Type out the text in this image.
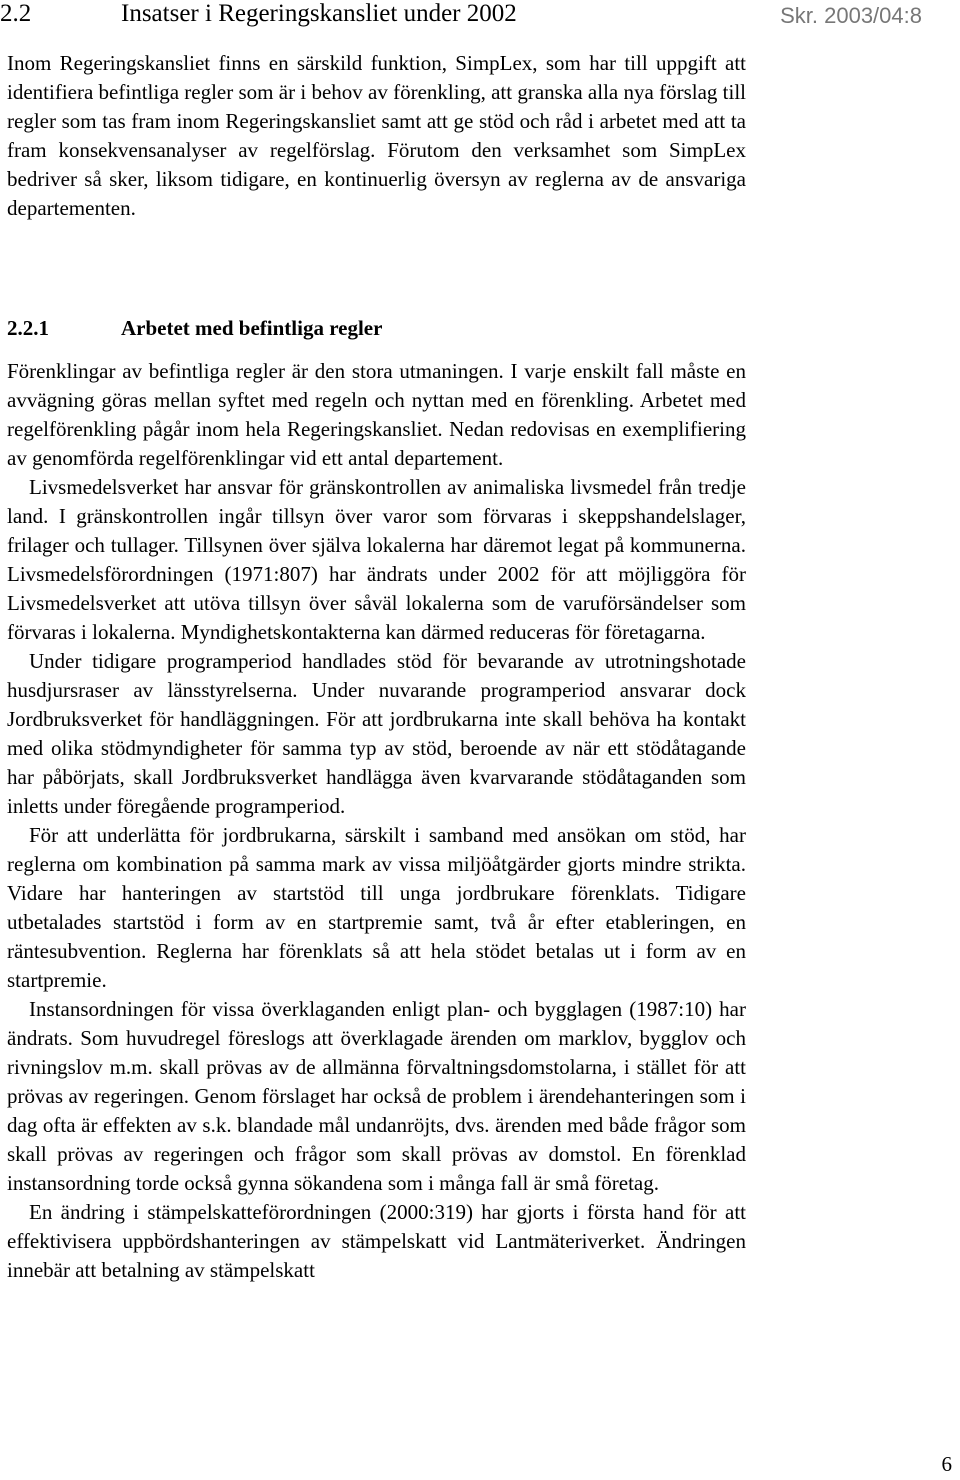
2.2	Insatser i Regeringskansliet under 2002	Skr. 2003/04:8

Inom Regeringskansliet finns en särskild funktion, SimpLex, som har till uppgift att identifiera befintliga regler som är i behov av förenkling, att granska alla nya förslag till regler som tas fram inom Regeringskansliet samt att ge stöd och råd i arbetet med att ta fram konsekvensanalyser av regelförslag. Förutom den verksamhet som SimpLex bedriver så sker, liksom tidigare, en kontinuerlig översyn av reglerna av de ansvariga departementen.

2.2.1	Arbetet med befintliga regler

Förenklingar av befintliga regler är den stora utmaningen. I varje enskilt fall måste en avvägning göras mellan syftet med regeln och nyttan med en förenkling. Arbetet med regelförenkling pågår inom hela Regeringskansliet. Nedan redovisas en exemplifiering av genomförda regelförenklingar vid ett antal departement.

Livsmedelsverket har ansvar för gränskontrollen av animaliska livsmedel från tredje land. I gränskontrollen ingår tillsyn över varor som förvaras i skeppshandelslager, frilager och tullager. Tillsynen över själva lokalerna har däremot legat på kommunerna. Livsmedelsförordningen (1971:807) har ändrats under 2002 för att möjliggöra för Livsmedelsverket att utöva tillsyn över såväl lokalerna som de varuförsändelser som förvaras i lokalerna. Myndighetskontakterna kan därmed reduceras för företagarna.

Under tidigare programperiod handlades stöd för bevarande av utrotningshotade husdjursraser av länsstyrelserna. Under nuvarande programperiod ansvarar dock Jordbruksverket för handläggningen. För att jordbrukarna inte skall behöva ha kontakt med olika stödmyndigheter för samma typ av stöd, beroende av när ett stödåtagande har påbörjats, skall Jordbruksverket handlägga även kvarvarande stödåtaganden som inletts under föregående programperiod.

För att underlätta för jordbrukarna, särskilt i samband med ansökan om stöd, har reglerna om kombination på samma mark av vissa miljöåtgärder gjorts mindre strikta. Vidare har hanteringen av startstöd till unga jordbrukare förenklats. Tidigare utbetalades startstöd i form av en startpremie samt, två år efter etableringen, en räntesubvention. Reglerna har förenklats så att hela stödet betalas ut i form av en startpremie.

Instansordningen för vissa överklaganden enligt plan- och bygglagen (1987:10) har ändrats. Som huvudregel föreslogs att överklagade ärenden om marklov, bygglov och rivningslov m.m. skall prövas av de allmänna förvaltningsdomstolarna, i stället för att prövas av regeringen. Genom förslaget har också de problem i ärendehanteringen som i dag ofta är effekten av s.k. blandade mål undanröjts, dvs. ärenden med både frågor som skall prövas av regeringen och frågor som skall prövas av domstol. En förenklad instansordning torde också gynna sökandena som i många fall är små företag.

En ändring i stämpelskatteförordningen (2000:319) har gjorts i första hand för att effektivisera uppbördshanteringen av stämpelskatt vid Lantmäteriverket. Ändringen innebär att betalning av stämpelskatt

6
